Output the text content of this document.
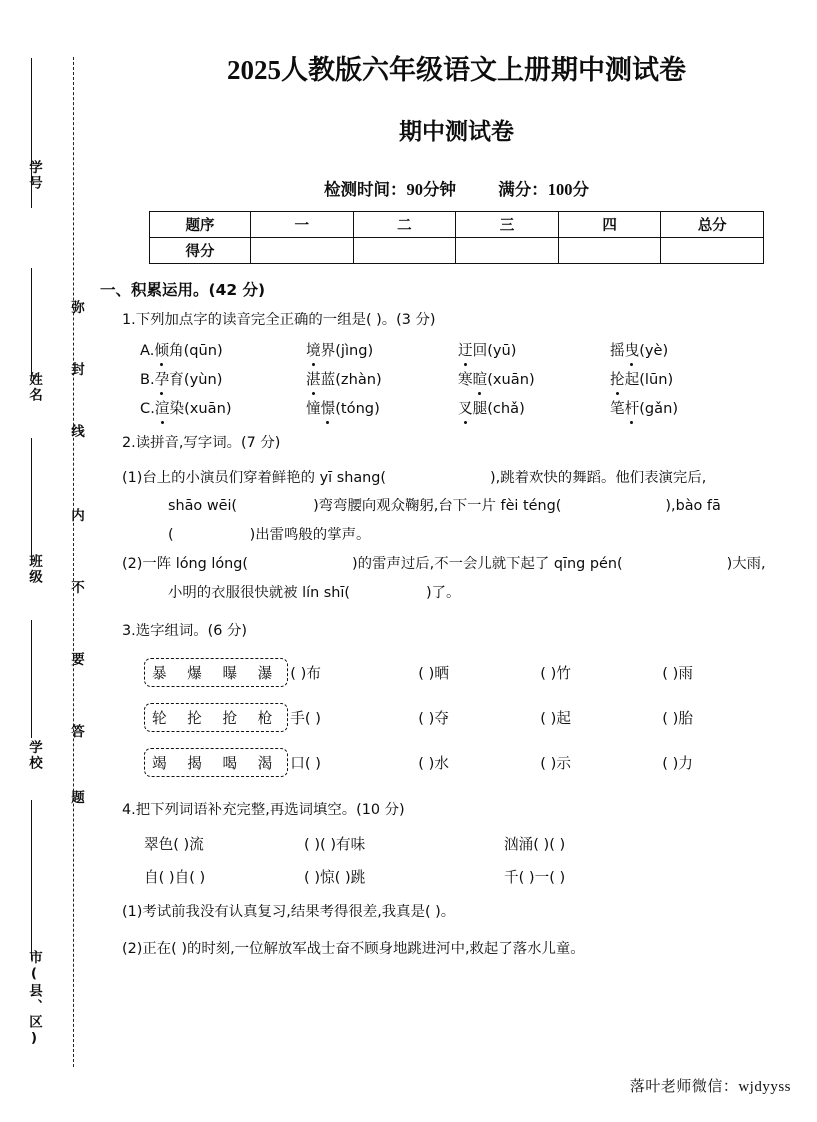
学号
姓名
班级
学校
市(县、区)
弥
封
线
内
不
要
答
题
2025人教版六年级语文上册期中测试卷
期中测试卷
检测时间：90分钟	满分：100分
题序	一	二	三	四	总分
得分					
一、积累运用。(42 分)
1.下列加点字的读音完全正确的一组是( )。(3 分)
A.倾角(qūn)	境界(jìng)	迂回(yū)	摇曳(yè)
B.孕育(yùn)	湛蓝(zhàn)	寒暄(xuān)	抡起(lūn)
C.渲染(xuān)	憧憬(tóng)	叉腿(chǎ)	笔杆(gǎn)
2.读拼音,写字词。(7 分)
(1)台上的小演员们穿着鲜艳的 yī shang(	),跳着欢快的舞蹈。他们表演完后,
shāo wēi(	)弯弯腰向观众鞠躬,台下一片 fèi téng(	),bào fā
(	)出雷鸣般的掌声。
(2)一阵 lóng lóng(	)的雷声过后,不一会儿就下起了 qīng pén(	)大雨,
小明的衣服很快就被 lín shī(	)了。
3.选字组词。(6 分)
暴 爆 曝 瀑 ( )布	( )晒	( )竹	( )雨
轮 抡 抢 枪 手( )	( )夺	( )起	( )胎
竭 揭 喝 渴 口( )	( )水	( )示	( )力
4.把下列词语补充完整,再选词填空。(10 分)
翠色( )流	( )( )有味	汹涌( )( )
自( )自( )	( )惊( )跳	千( )一( )
(1)考试前我没有认真复习,结果考得很差,我真是( )。
(2)正在( )的时刻,一位解放军战士奋不顾身地跳进河中,救起了落水儿童。
落叶老师微信：wjdyyss
